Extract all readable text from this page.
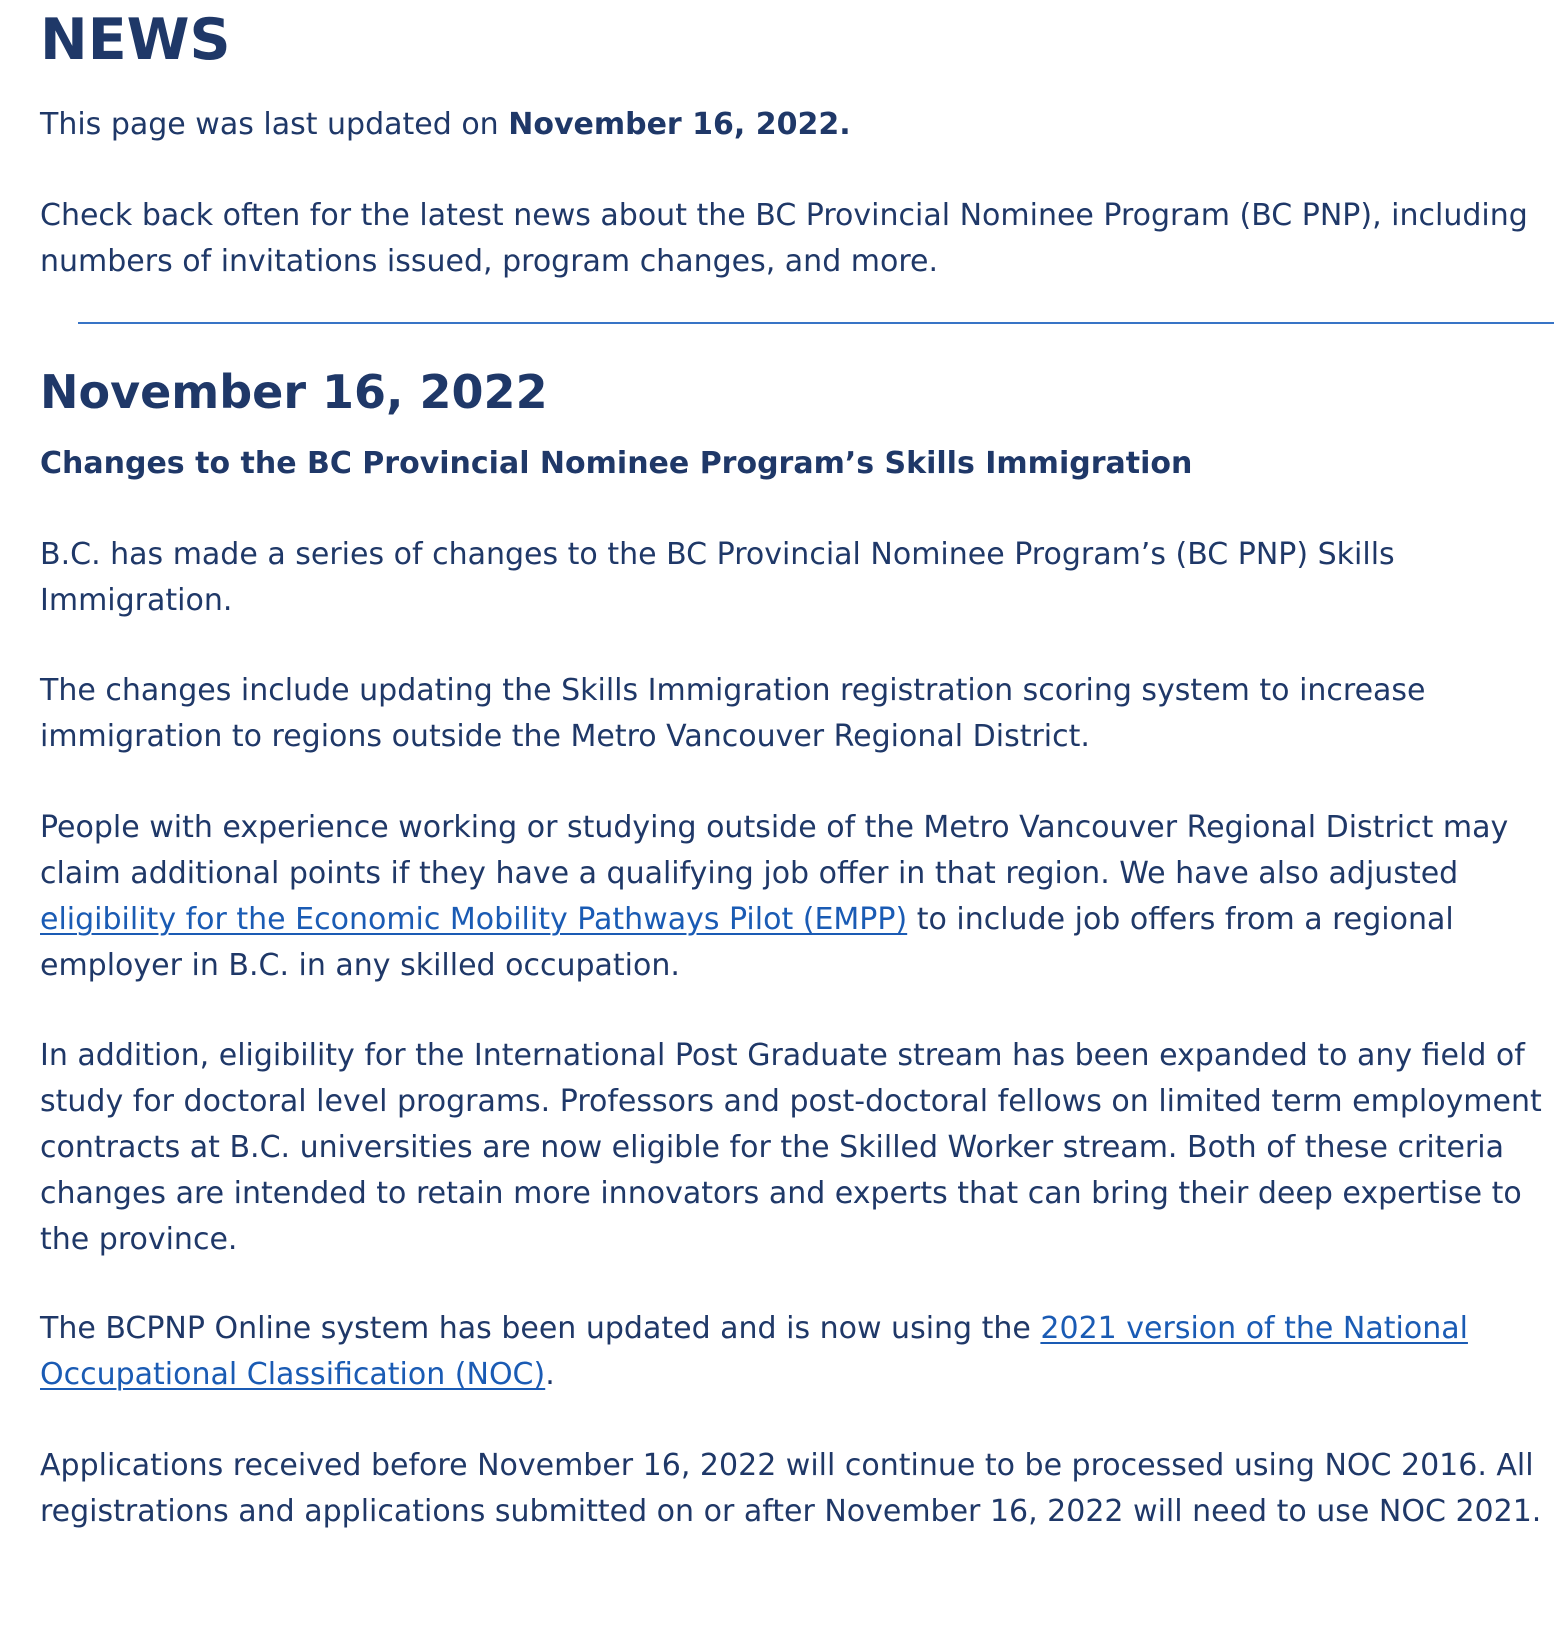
NEWS

This page was last updated on November 16, 2022.

Check back often for the latest news about the BC Provincial Nominee Program (BC PNP), including
numbers of invitations issued, program changes, and more.

November 16, 2022
Changes to the BC Provincial Nominee Program’s Skills Immigration

B.C. has made a series of changes to the BC Provincial Nominee Program’s (BC PNP) Skills
Immigration.

The changes include updating the Skills Immigration registration scoring system to increase
immigration to regions outside the Metro Vancouver Regional District.

People with experience working or studying outside of the Metro Vancouver Regional District may
claim additional points if they have a qualifying job offer in that region. We have also adjusted
eligibility for the Economic Mobility Pathways Pilot (EMPP) to include job offers from a regional
employer in B.C. in any skilled occupation.

In addition, eligibility for the International Post Graduate stream has been expanded to any field of
study for doctoral level programs. Professors and post-doctoral fellows on limited term employment
contracts at B.C. universities are now eligible for the Skilled Worker stream. Both of these criteria
changes are intended to retain more innovators and experts that can bring their deep expertise to
the province.

The BCPNP Online system has been updated and is now using the 2021 version of the National
Occupational Classification (NOC).

Applications received before November 16, 2022 will continue to be processed using NOC 2016. All
registrations and applications submitted on or after November 16, 2022 will need to use NOC 2021.
